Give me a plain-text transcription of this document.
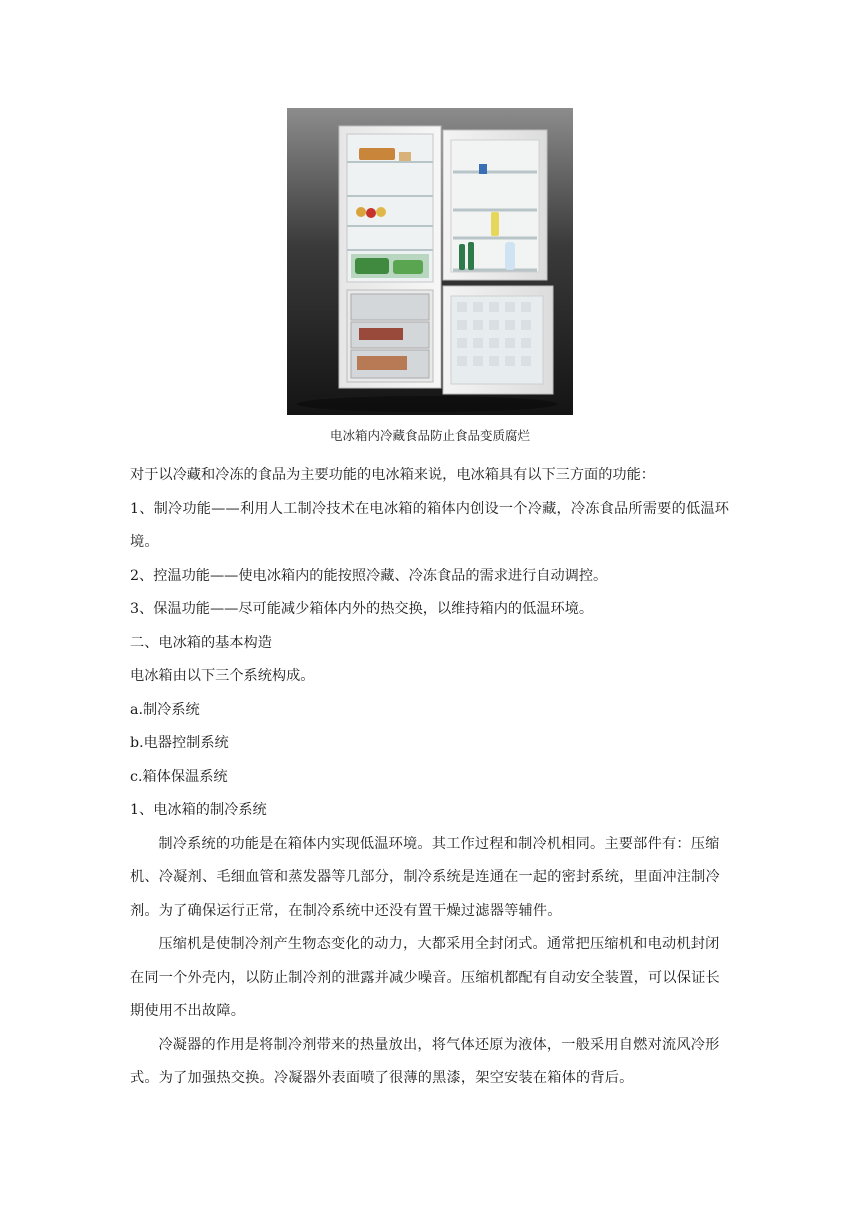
电冰箱内冷藏食品防止食品变质腐烂

对于以冷藏和冷冻的食品为主要功能的电冰箱来说，电冰箱具有以下三方面的功能：

1、制冷功能——利用人工制冷技术在电冰箱的箱体内创设一个冷藏，冷冻食品所需要的低温环境。

2、控温功能——使电冰箱内的能按照冷藏、冷冻食品的需求进行自动调控。

3、保温功能——尽可能减少箱体内外的热交换，以维持箱内的低温环境。

二、电冰箱的基本构造

电冰箱由以下三个系统构成。

a.制冷系统

b.电器控制系统

c.箱体保温系统

1、电冰箱的制冷系统

制冷系统的功能是在箱体内实现低温环境。其工作过程和制冷机相同。主要部件有：压缩机、冷凝剂、毛细血管和蒸发器等几部分，制冷系统是连通在一起的密封系统，里面冲注制冷剂。为了确保运行正常，在制冷系统中还没有置干燥过滤器等辅件。

压缩机是使制冷剂产生物态变化的动力，大都采用全封闭式。通常把压缩机和电动机封闭在同一个外壳内，以防止制冷剂的泄露并减少噪音。压缩机都配有自动安全装置，可以保证长期使用不出故障。

冷凝器的作用是将制冷剂带来的热量放出，将气体还原为液体，一般采用自燃对流风冷形式。为了加强热交换。冷凝器外表面喷了很薄的黑漆，架空安装在箱体的背后。
